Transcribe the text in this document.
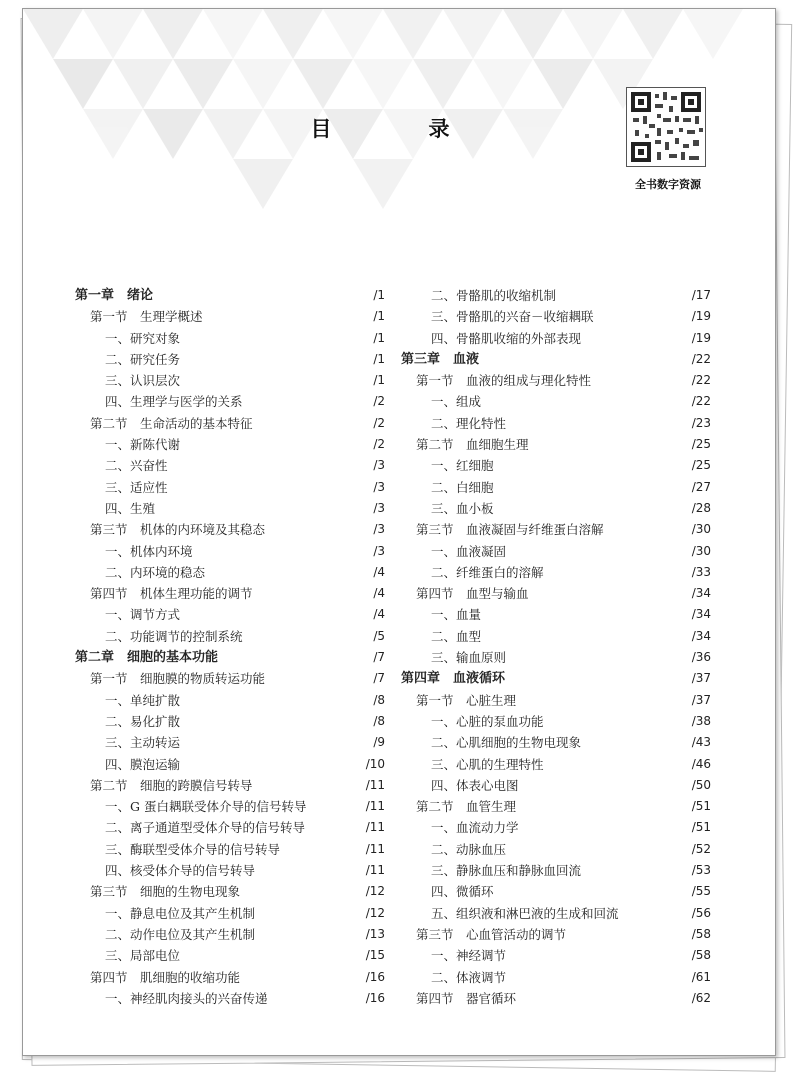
目　录
全书数字资源
第一章　绪论	/1
第一节　生理学概述	/1
一、研究对象	/1
二、研究任务	/1
三、认识层次	/1
四、生理学与医学的关系	/2
第二节　生命活动的基本特征	/2
一、新陈代谢	/2
二、兴奋性	/3
三、适应性	/3
四、生殖	/3
第三节　机体的内环境及其稳态	/3
一、机体内环境	/3
二、内环境的稳态	/4
第四节　机体生理功能的调节	/4
一、调节方式	/4
二、功能调节的控制系统	/5
第二章　细胞的基本功能	/7
第一节　细胞膜的物质转运功能	/7
一、单纯扩散	/8
二、易化扩散	/8
三、主动转运	/9
四、膜泡运输	/10
第二节　细胞的跨膜信号转导	/11
一、G 蛋白耦联受体介导的信号转导	/11
二、离子通道型受体介导的信号转导	/11
三、酶联型受体介导的信号转导	/11
四、核受体介导的信号转导	/11
第三节　细胞的生物电现象	/12
一、静息电位及其产生机制	/12
二、动作电位及其产生机制	/13
三、局部电位	/15
第四节　肌细胞的收缩功能	/16
一、神经肌肉接头的兴奋传递	/16
二、骨骼肌的收缩机制	/17
三、骨骼肌的兴奋－收缩耦联	/19
四、骨骼肌收缩的外部表现	/19
第三章　血液	/22
第一节　血液的组成与理化特性	/22
一、组成	/22
二、理化特性	/23
第二节　血细胞生理	/25
一、红细胞	/25
二、白细胞	/27
三、血小板	/28
第三节　血液凝固与纤维蛋白溶解	/30
一、血液凝固	/30
二、纤维蛋白的溶解	/33
第四节　血型与输血	/34
一、血量	/34
二、血型	/34
三、输血原则	/36
第四章　血液循环	/37
第一节　心脏生理	/37
一、心脏的泵血功能	/38
二、心肌细胞的生物电现象	/43
三、心肌的生理特性	/46
四、体表心电图	/50
第二节　血管生理	/51
一、血流动力学	/51
二、动脉血压	/52
三、静脉血压和静脉血回流	/53
四、微循环	/55
五、组织液和淋巴液的生成和回流	/56
第三节　心血管活动的调节	/58
一、神经调节	/58
二、体液调节	/61
第四节　器官循环	/62
